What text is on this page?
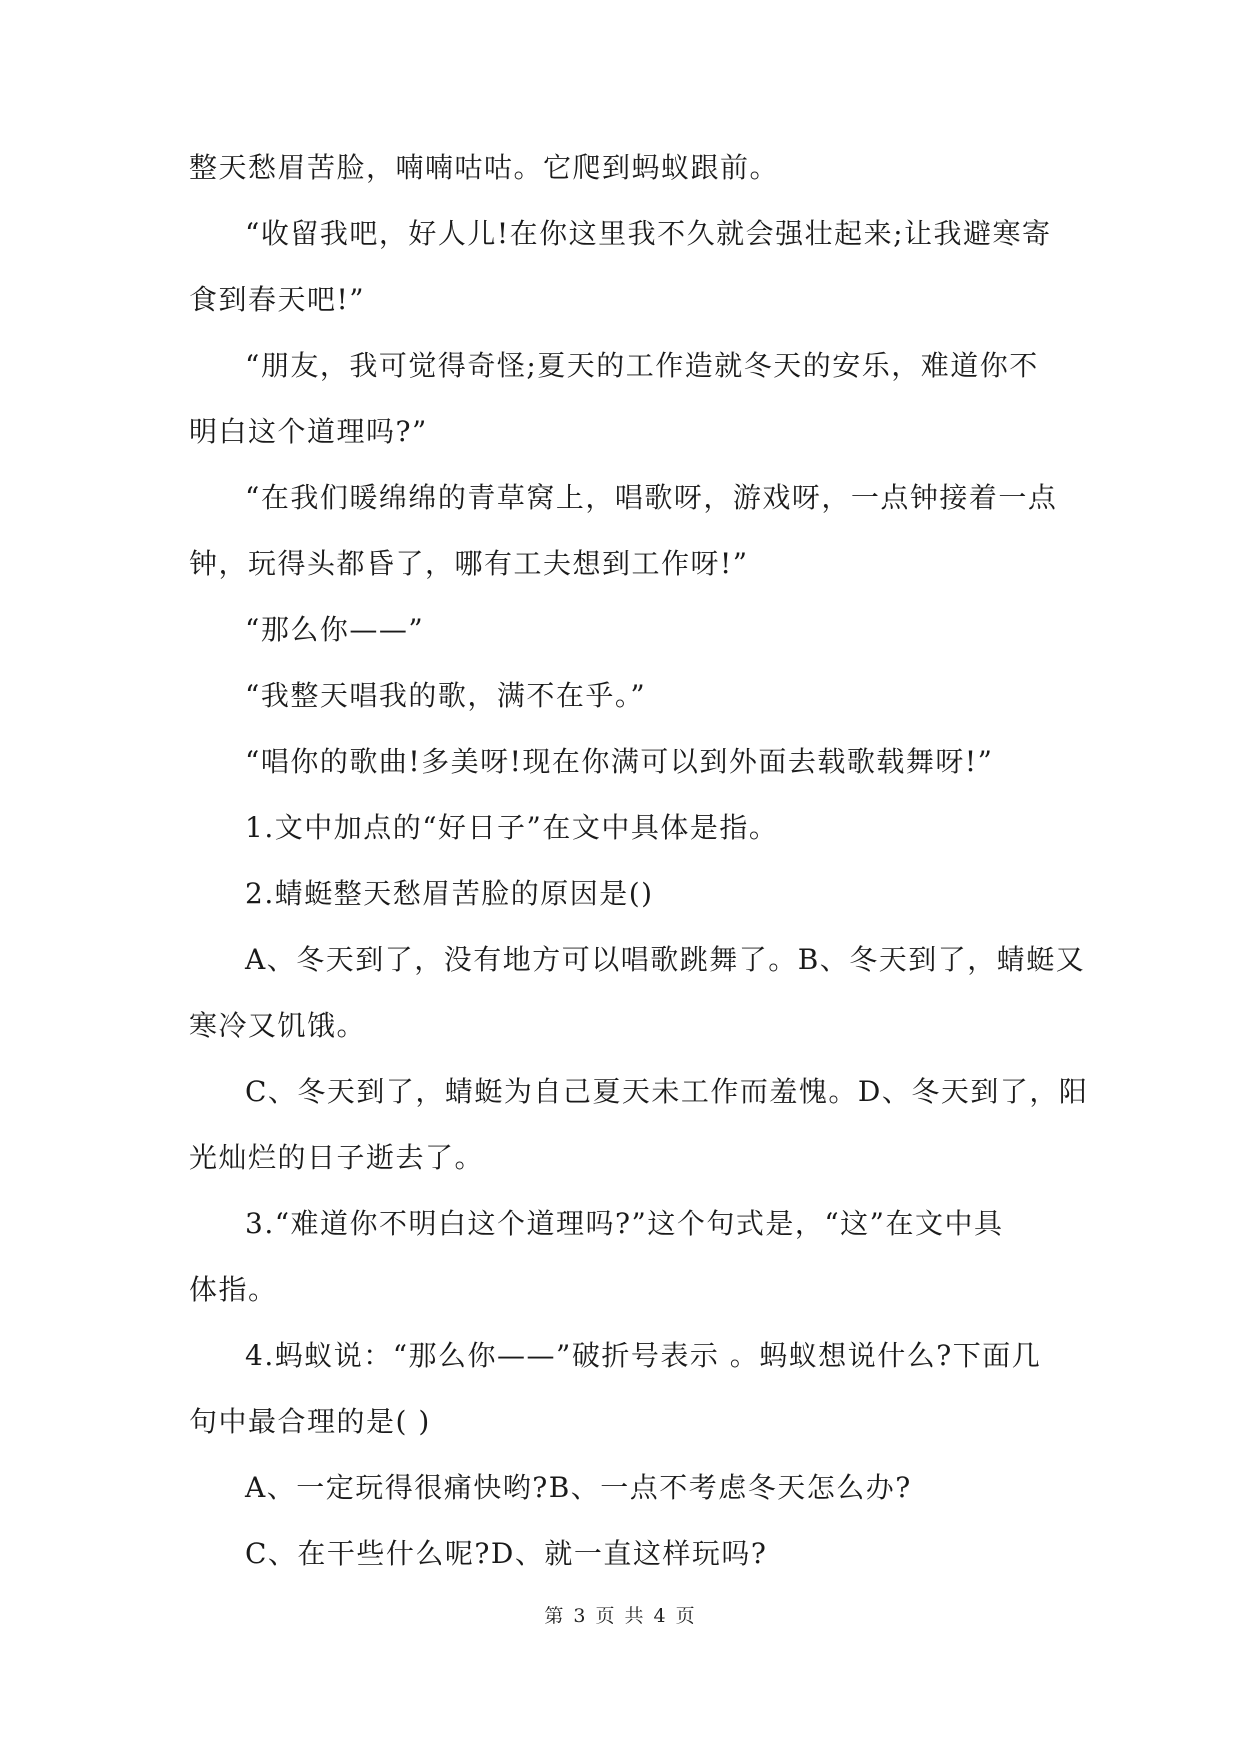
整天愁眉苦脸，喃喃咕咕。它爬到蚂蚁跟前。

“收留我吧，好人儿!在你这里我不久就会强壮起来;让我避寒寄

食到春天吧!”

“朋友，我可觉得奇怪;夏天的工作造就冬天的安乐，难道你不

明白这个道理吗?”

“在我们暖绵绵的青草窝上，唱歌呀，游戏呀，一点钟接着一点

钟，玩得头都昏了，哪有工夫想到工作呀!”

“那么你——”

“我整天唱我的歌，满不在乎。”

“唱你的歌曲!多美呀!现在你满可以到外面去载歌载舞呀!”

1.文中加点的“好日子”在文中具体是指。

2.蜻蜓整天愁眉苦脸的原因是()

A、冬天到了，没有地方可以唱歌跳舞了。B、冬天到了，蜻蜓又

寒冷又饥饿。

C、冬天到了，蜻蜓为自己夏天未工作而羞愧。D、冬天到了，阳

光灿烂的日子逝去了。

3.“难道你不明白这个道理吗?”这个句式是，“这”在文中具

体指。

4.蚂蚁说：“那么你——”破折号表示 。蚂蚁想说什么?下面几

句中最合理的是( )

A、一定玩得很痛快哟?B、一点不考虑冬天怎么办?

C、在干些什么呢?D、就一直这样玩吗?

第 3 页 共 4 页
